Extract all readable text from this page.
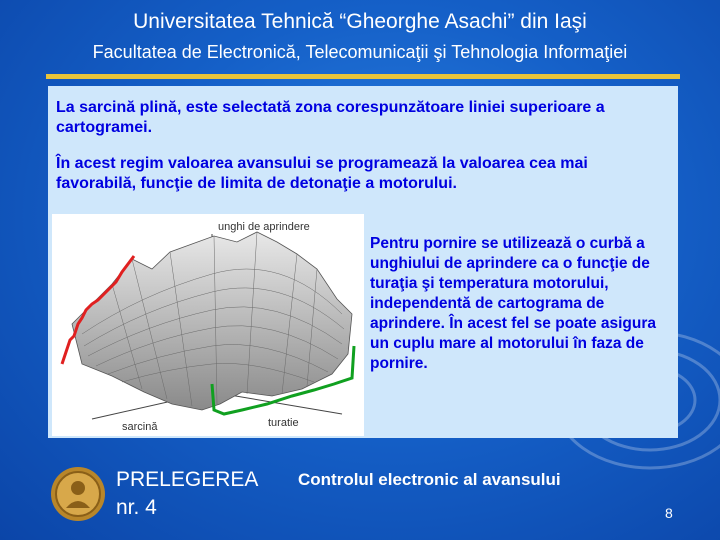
Universitatea Tehnică “Gheorghe Asachi” din Iaşi
Facultatea de Electronică, Telecomunicaţii şi Tehnologia Informaţiei
La sarcină plină, este selectată zona corespunzătoare liniei superioare a cartogramei.
În acest regim valoarea avansului se programează la valoarea cea mai favorabilă, funcţie de limita de detonaţie a motorului.
unghi de aprindere
sarcină	turatie
Pentru pornire se utilizează o curbă a unghiului de aprindere ca o funcţie de turaţia şi temperatura motorului, independentă de cartograma de aprindere. În acest fel se poate asigura un cuplu mare al motorului în faza de pornire.
PRELEGEREA
nr. 4
Controlul electronic al avansului
8
